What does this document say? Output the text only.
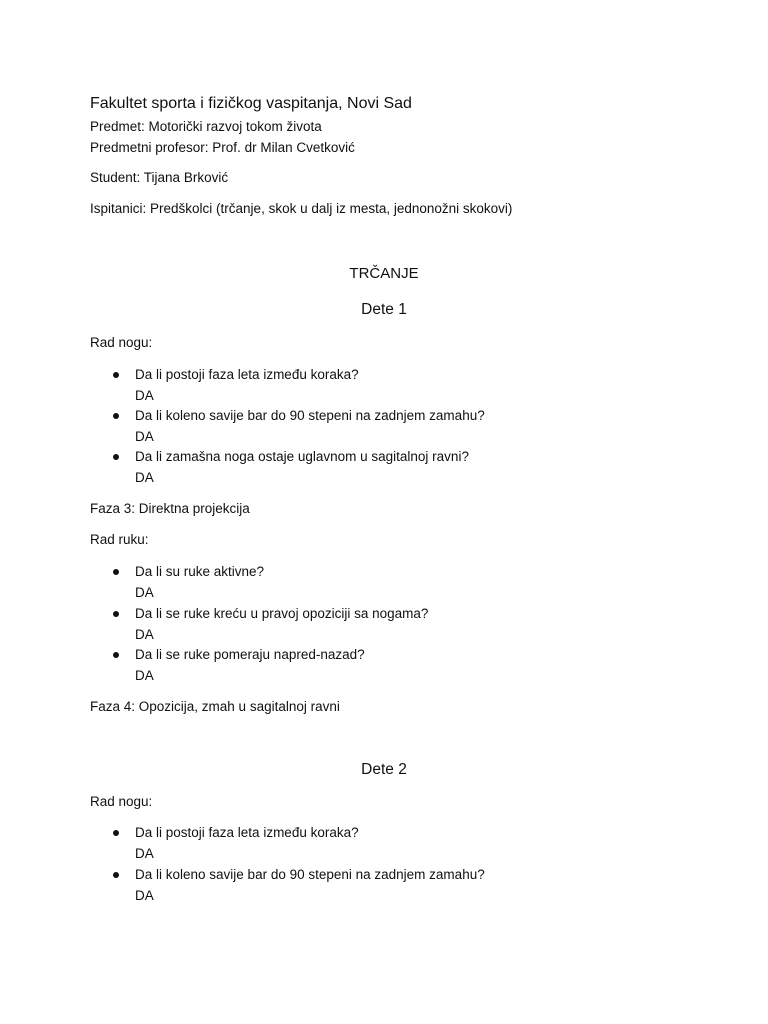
Fakultet sporta i fizičkog vaspitanja, Novi Sad
Predmet: Motorički razvoj tokom života
Predmetni profesor: Prof. dr Milan Cvetković
Student: Tijana Brković
Ispitanici: Predškolci (trčanje, skok u dalj iz mesta, jednonožni skokovi)
TRČANJE
Dete 1
Rad nogu:
Da li postoji faza leta između koraka?
DA
Da li koleno savije bar do 90 stepeni na zadnjem zamahu?
DA
Da li zamašna noga ostaje uglavnom u sagitalnoj ravni?
DA
Faza 3: Direktna projekcija
Rad ruku:
Da li su ruke aktivne?
DA
Da li se ruke kreću u pravoj opoziciji sa nogama?
DA
Da li se ruke pomeraju napred-nazad?
DA
Faza 4: Opozicija, zmah u sagitalnoj ravni
Dete 2
Rad nogu:
Da li postoji faza leta između koraka?
DA
Da li koleno savije bar do 90 stepeni na zadnjem zamahu?
DA
